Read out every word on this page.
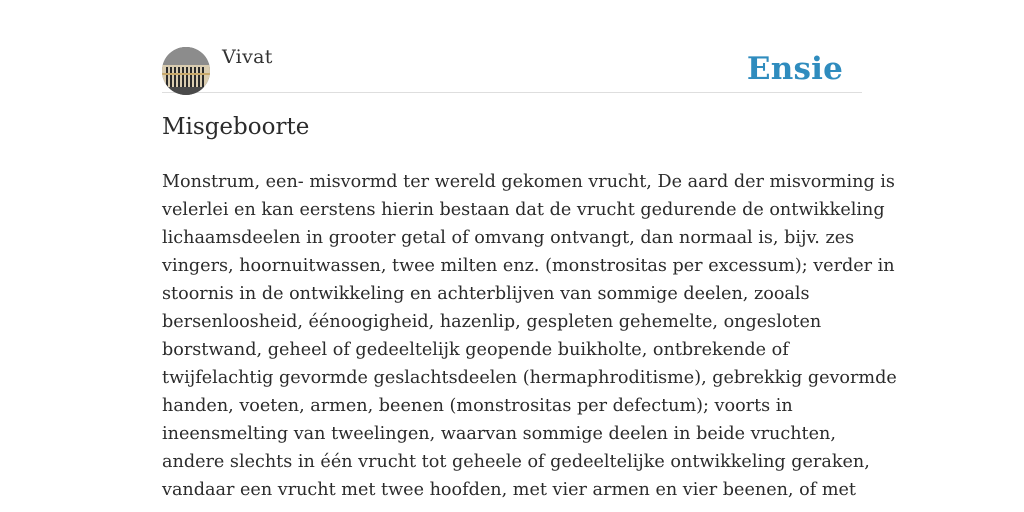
Vivat	Ensie
Misgeboorte

Monstrum, een- misvormd ter wereld gekomen vrucht, De aard der misvorming is
velerlei en kan eerstens hierin bestaan dat de vrucht gedurende de ontwikkeling
lichaamsdeelen in grooter getal of omvang ontvangt, dan normaal is, bijv. zes
vingers, hoornuitwassen, twee milten enz. (monstrositas per excessum); verder in
stoornis in de ontwikkeling en achterblijven van sommige deelen, zooals
bersenloosheid, éénoogigheid, hazenlip, gespleten gehemelte, ongesloten
borstwand, geheel of gedeeltelijk geopende buikholte, ontbrekende of
twijfelachtig gevormde geslachtsdeelen (hermaphroditisme), gebrekkig gevormde
handen, voeten, armen, beenen (monstrositas per defectum); voorts in
ineensmelting van tweelingen, waarvan sommige deelen in beide vruchten,
andere slechts in één vrucht tot geheele of gedeeltelijke ontwikkeling geraken,
vandaar een vrucht met twee hoofden, met vier armen en vier beenen, of met
